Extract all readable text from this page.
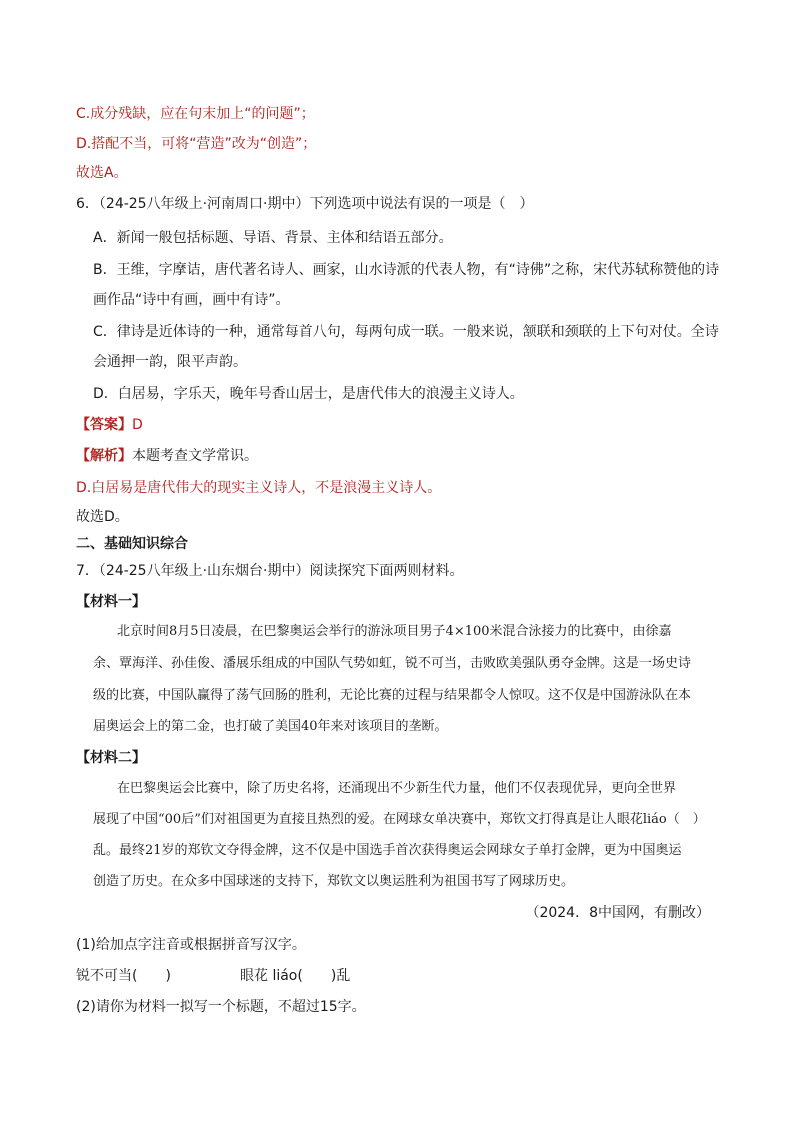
C.成分残缺，应在句末加上“的问题”；
D.搭配不当，可将“营造”改为“创造”；
故选A。
6．（24-25八年级上·河南周口·期中）下列选项中说法有误的一项是（　）
A．新闻一般包括标题、导语、背景、主体和结语五部分。
B．王维，字摩诘，唐代著名诗人、画家，山水诗派的代表人物，有“诗佛”之称，宋代苏轼称赞他的诗
画作品“诗中有画，画中有诗”。
C．律诗是近体诗的一种，通常每首八句，每两句成一联。一般来说，颔联和颈联的上下句对仗。全诗
会通押一韵，限平声韵。
D．白居易，字乐天，晚年号香山居士，是唐代伟大的浪漫主义诗人。
【答案】D
【解析】本题考查文学常识。
D.白居易是唐代伟大的现实主义诗人，不是浪漫主义诗人。
故选D。
二、基础知识综合
7．（24-25八年级上·山东烟台·期中）阅读探究下面两则材料。
【材料一】
北京时间8月5日凌晨，在巴黎奥运会举行的游泳项目男子4×100米混合泳接力的比赛中，由徐嘉
余、覃海洋、孙佳俊、潘展乐组成的中国队气势如虹，锐不可当，击败欧美强队勇夺金牌。这是一场史诗
级的比赛，中国队赢得了荡气回肠的胜利，无论比赛的过程与结果都令人惊叹。这不仅是中国游泳队在本
届奥运会上的第二金，也打破了美国40年来对该项目的垄断。
【材料二】
在巴黎奥运会比赛中，除了历史名将，还涌现出不少新生代力量，他们不仅表现优异，更向全世界
展现了中国“00后”们对祖国更为直接且热烈的爱。在网球女单决赛中，郑钦文打得真是让人眼花liáo（　）
乱。最终21岁的郑钦文夺得金牌，这不仅是中国选手首次获得奥运会网球女子单打金牌，更为中国奥运
创造了历史。在众多中国球迷的支持下，郑钦文以奥运胜利为祖国书写了网球历史。
（2024．8中国网，有删改）
(1)给加点字注音或根据拼音写汉字。
锐不可当(　　)	眼花 liáo(　　)乱
(2)请你为材料一拟写一个标题，不超过15字。
